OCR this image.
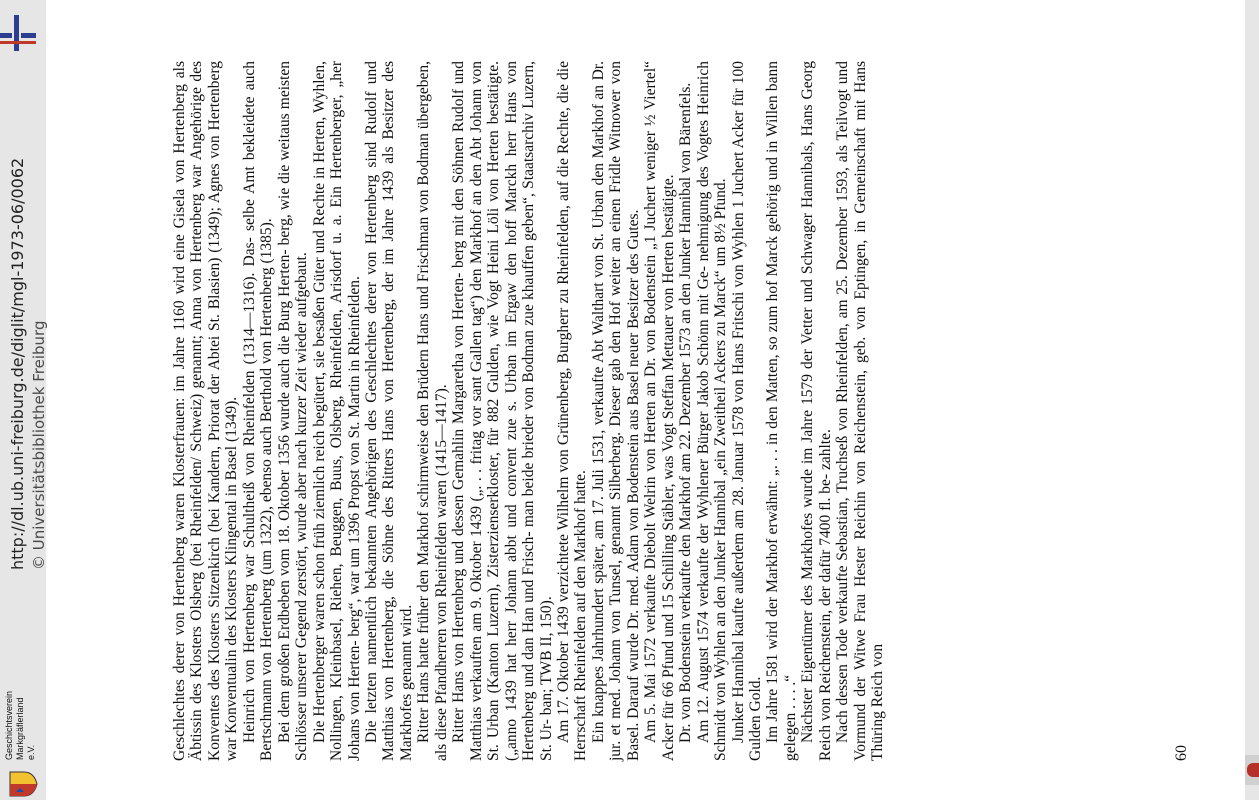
Geschichtsverein Markgräflerland e.V.
http://dl.ub.uni-freiburg.de/diglit/mgl-1973-06/0062 © Universitätsbibliothek Freiburg	Geschlechtes derer von Hertenberg waren Klosterfrauen: im Jahre 1160 wird eine Gisela von Hertenberg als Äbtissin des Klosters Olsberg (bei Rheinfelden/ Schweiz) genannt; Anna von Hertenberg war Angehörige des Konventes des Klosters Sitzenkirch (bei Kandern, Priorat der Abtei St. Blasien) (1349); Agnes von Hertenberg war Konventualin des Klosters Klingental in Basel (1349). Heinrich von Hertenberg war Schultheiß von Rheinfelden (1314—1316). Das- selbe Amt bekleidete auch Bertschmann von Hertenberg (um 1322), ebenso auch Berthold von Hertenberg (1385). Bei dem großen Erdbeben vom 18. Oktober 1356 wurde auch die Burg Herten- berg, wie die weitaus meisten Schlösser unserer Gegend zerstört, wurde aber nach kurzer Zeit wieder aufgebaut. Die Hertenberger waren schon früh ziemlich reich begütert, sie besaßen Güter und Rechte in Herten, Wyhlen, Nollingen, Kleinbasel, Riehen, Beuggen, Buus, Olsberg, Rheinfelden, Arisdorf u. a. Ein Hertenberger, „her Johans von Herten- berg“, war um 1396 Propst von St. Martin in Rheinfelden. Die letzten namentlich bekannten Angehörigen des Geschlechtes derer von Hertenberg sind Rudolf und Matthias von Hertenberg, die Söhne des Ritters Hans von Hertenberg, der im Jahre 1439 als Besitzer des Markhofes genannt wird. Ritter Hans hatte früher den Markhof schirmweise den Brüdern Hans und Frischman von Bodman übergeben, als diese Pfandherren von Rheinfelden waren (1415—1417). Ritter Hans von Hertenberg und dessen Gemahlin Margaretha von Herten- berg mit den Söhnen Rudolf und Matthias verkauften am 9. Oktober 1439 („. . . fritag vor sant Gallen tag“) den Markhof an den Abt Johann von St. Urban (Kanton Luzern), Zisterzienserkloster, für 882 Gulden, wie Vogt Heini Löli von Herten bestätigte. („anno 1439 hat herr Johann abbt und convent zue s. Urban im Ergaw den hoff Marckh herr Hans von Hertenberg und dan Han und Frisch- man beide brieder von Bodman zue khauffen geben“, Staatsarchiv Luzern, St. Ur- ban; TWB II, 150). Am 17. Oktober 1439 verzichtete Wilhelm von Grünenberg, Burgherr zu Rheinfelden, auf die Rechte, die die Herrschaft Rheinfelden auf den Markhof hatte. Ein knappes Jahrhundert später, am 17. Juli 1531, verkaufte Abt Walthart von St. Urban den Markhof an Dr. jur. et med. Johann von Tunsel, genannt Silberberg. Dieser gab den Hof weiter an einen Fridle Witnower von Basel. Darauf wurde Dr. med. Adam von Bodenstein aus Basel neuer Besitzer des Gutes. Am 5. Mai 1572 verkaufte Diebolt Welrin von Herten an Dr. von Bodenstein „1 Juchert weniger ½ Viertel“ Acker für 66 Pfund und 15 Schilling Stäbler, was Vogt Steffan Mettauer von Herten bestätigte. Dr. von Bodenstein verkaufte den Markhof am 22. Dezember 1573 an den Junker Hannibal von Bärenfels. Am 12. August 1574 verkaufte der Wyhlener Bürger Jakob Schönn mit Ge- nehmigung des Vogtes Heinrich Schmidt von Wyhlen an den Junker Hannibal „ein Zweitheil Ackers zu Marck“ um 8½ Pfund. Junker Hannibal kaufte außerdem am 28. Januar 1578 von Hans Fritschi von Wyhlen 1 Juchert Acker für 100 Gulden Gold. Im Jahre 1581 wird der Markhof erwähnt: „. . . in den Matten, so zum hof Marck gehörig und in Willen bann gelegen . . . .“ Nächster Eigentümer des Markhofes wurde im Jahre 1579 der Vetter und Schwager Hannibals, Hans Georg Reich von Reichenstein, der dafür 7400 fl. be- zahlte. Nach dessen Tode verkaufte Sebastian, Truchseß von Rheinfelden, am 25. Dezember 1593, als Teilvogt und Vormund der Witwe Frau Hester Reichin von Reichenstein, geb. von Eptingen, in Gemeinschaft mit Hans Thüring Reich von	60
